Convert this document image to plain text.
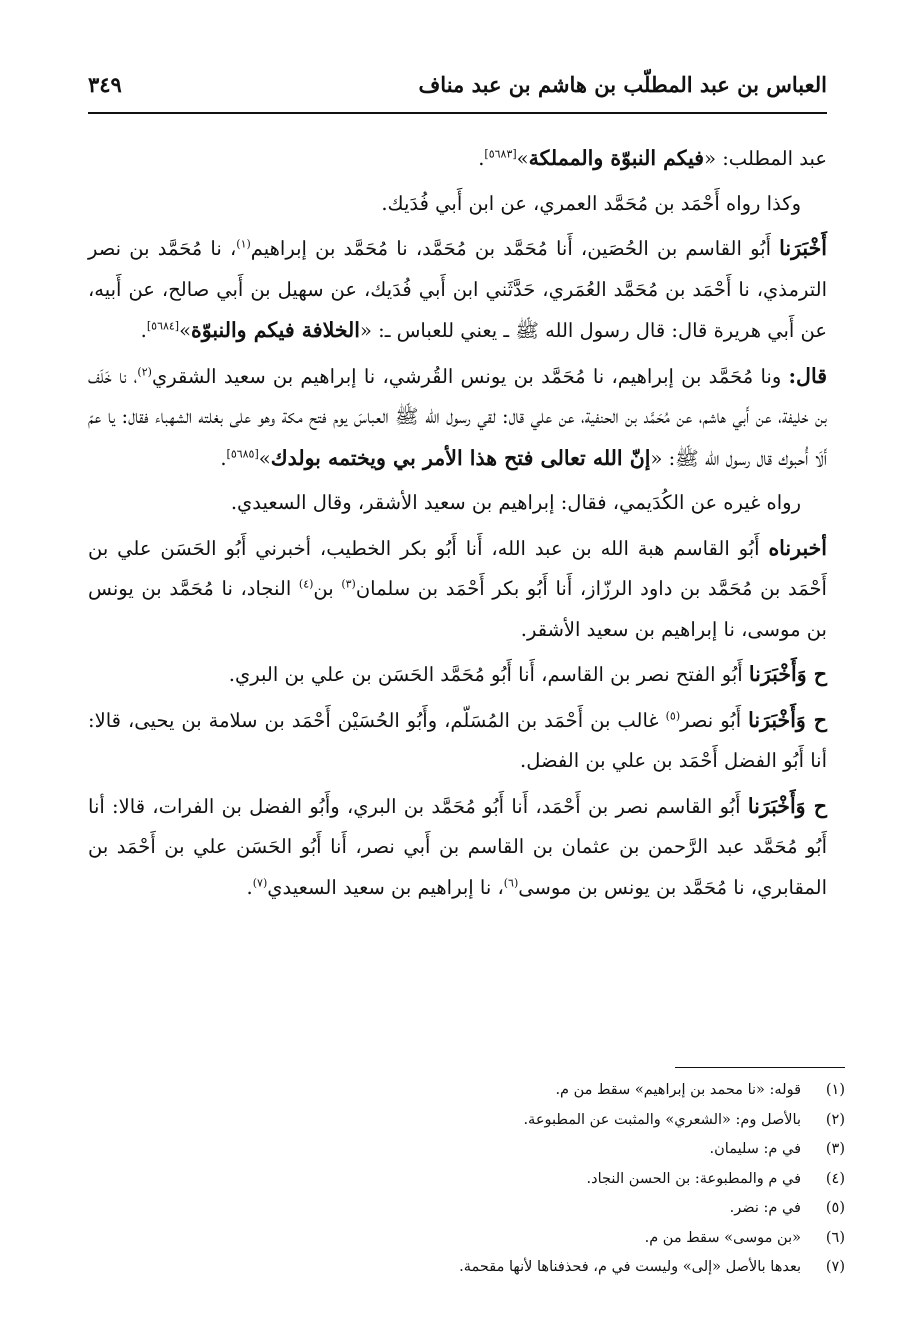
العباس بن عبد المطلّب بن هاشم بن عبد مناف
٣٤٩

عبد المطلب: «فيكم النبوّة والمملكة»[٥٦٨٣].

وكذا رواه أَحْمَد بن مُحَمَّد العمري، عن ابن أَبي فُدَيك.

أَخْبَرَنا أَبُو القاسم بن الحُصَين، أَنا مُحَمَّد بن مُحَمَّد، نا مُحَمَّد بن إبراهيم$^{(١)}$، نا مُحَمَّد بن نصر الترمذي، نا أَحْمَد بن مُحَمَّد العُمَري، حَدَّثَني ابن أَبي فُدَيك، عن سهيل بن أَبي صالح، عن أَبيه، عن أَبي هريرة قال: قال رسول الله ﷺ ـ يعني للعباس ـ: «الخلافة فيكم والنبوّة»[٥٦٨٤].

قال: ونا مُحَمَّد بن إبراهيم، نا مُحَمَّد بن يونس القُرشي، نا إبراهيم بن سعيد الشقري$^{(٢)}$، نا خَلَف بن خليفة، عن أَبي هاشم، عن مُحَمَّد بن الحنفية، عن علي قال: لقي رسول الله ﷺ العباسَ يوم فتح مكة وهو على بغلته الشهباء فقال: يا عمّ أَلَا أُحبوك قال رسول الله ﷺ: «إنّ الله تعالى فتح هذا الأمر بي ويختمه بولدك»[٥٦٨٥].

رواه غيره عن الكُدَيمي، فقال: إبراهيم بن سعيد الأشقر، وقال السعيدي.

أخبرناه أَبُو القاسم هبة الله بن عبد الله، أَنا أَبُو بكر الخطيب، أخبرني أَبُو الحَسَن علي بن أَحْمَد بن مُحَمَّد بن داود الرزّاز، أَنا أَبُو بكر أَحْمَد بن سلمان$^{(٣)}$ بن$^{(٤)}$ النجاد، نا مُحَمَّد بن يونس بن موسى، نا إبراهيم بن سعيد الأشقر.

ح وَأَخْبَرَنا أَبُو الفتح نصر بن القاسم، أَنا أَبُو مُحَمَّد الحَسَن بن علي بن البري.

ح وَأَخْبَرَنا أَبُو نصر$^{(٥)}$ غالب بن أَحْمَد بن المُسَلّم، وأَبُو الحُسَيْن أَحْمَد بن سلامة بن يحيى، قالا: أنا أَبُو الفضل أَحْمَد بن علي بن الفضل.

ح وَأَخْبَرَنا أَبُو القاسم نصر بن أَحْمَد، أَنا أَبُو مُحَمَّد بن البري، وأَبُو الفضل بن الفرات، قالا: أنا أَبُو مُحَمَّد عبد الرَّحمن بن عثمان بن القاسم بن أَبي نصر، أَنا أَبُو الحَسَن علي بن أَحْمَد بن المقابري، نا مُحَمَّد بن يونس بن موسى$^{(٦)}$، نا إبراهيم بن سعيد السعيدي$^{(٧)}$.

(١)
قوله: «نا محمد بن إبراهيم» سقط من م.
(٢)
بالأصل وم: «الشعري» والمثبت عن المطبوعة.
(٣)
في م: سليمان.
(٤)
في م والمطبوعة: بن الحسن النجاد.
(٥)
في م: نضر.
(٦)
«بن موسى» سقط من م.
(٧)
بعدها بالأصل «إلى» وليست في م، فحذفناها لأنها مقحمة.
